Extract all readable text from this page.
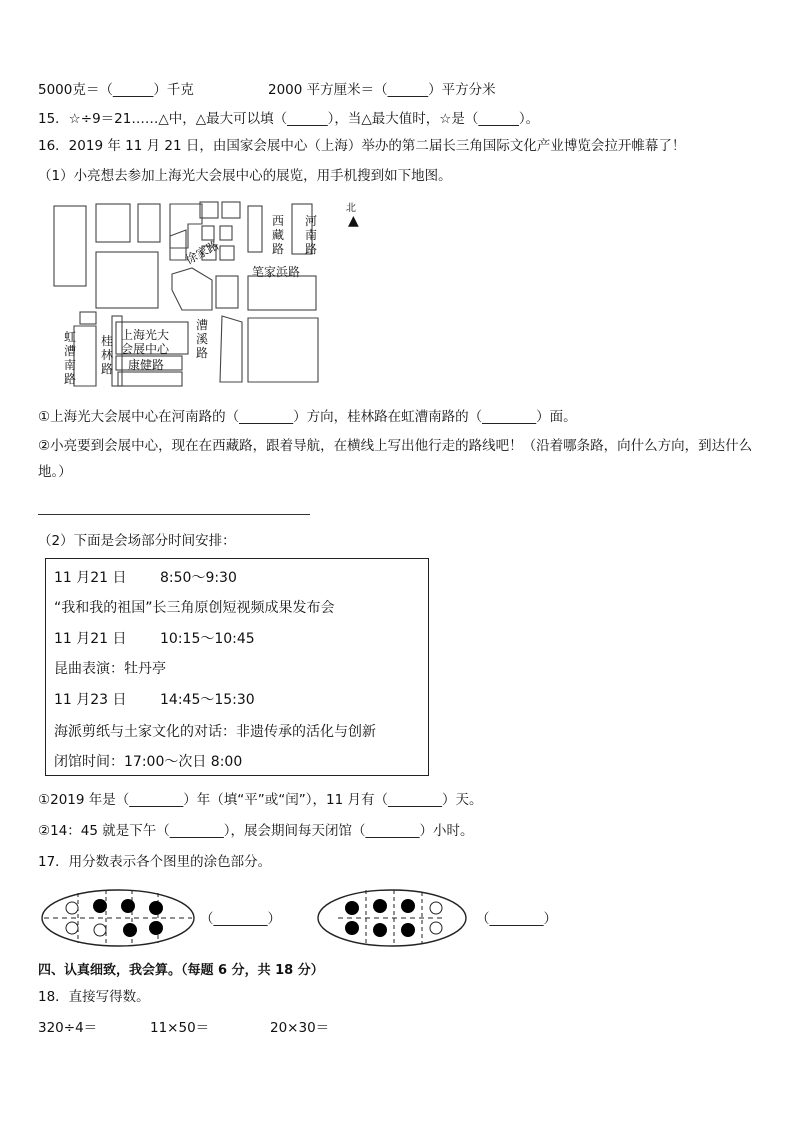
5000克＝（______）千克	2000 平方厘米＝（______）平方分米
15．☆÷9＝21……△中，△最大可以填（______），当△最大值时，☆是（______）。
16．2019 年 11 月 21 日，由国家会展中心（上海）举办的第二届长三角国际文化产业博览会拉开帷幕了！
（1）小亮想去参加上海光大会展中心的展览，用手机搜到如下地图。
北
▲
河南路
西藏路
徐家路
笔家浜路
虹漕南路
桂林路
漕溪路
上海光大
会展中心
康健路
①上海光大会展中心在河南路的（________）方向，桂林路在虹漕南路的（________）面。
②小亮要到会展中心，现在在西藏路，跟着导航，在横线上写出他行走的路线吧！（沿着哪条路，向什么方向，到达什么地。）
（2）下面是会场部分时间安排：
11 月21 日 8:50～9:30
“我和我的祖国”长三角原创短视频成果发布会
11 月21 日 10:15～10:45
昆曲表演：牡丹亭
11 月23 日 14:45～15:30
海派剪纸与土家文化的对话：非遗传承的活化与创新
闭馆时间：17:00～次日 8:00
①2019 年是（________）年（填“平”或“闰”），11 月有（________）天。
②14：45 就是下午（________），展会期间每天闭馆（________）小时。
17．用分数表示各个图里的涂色部分。
（________）	（________）
四、认真细致，我会算。（每题 6 分，共 18 分）
18．直接写得数。
320÷4＝	11×50＝	20×30＝
